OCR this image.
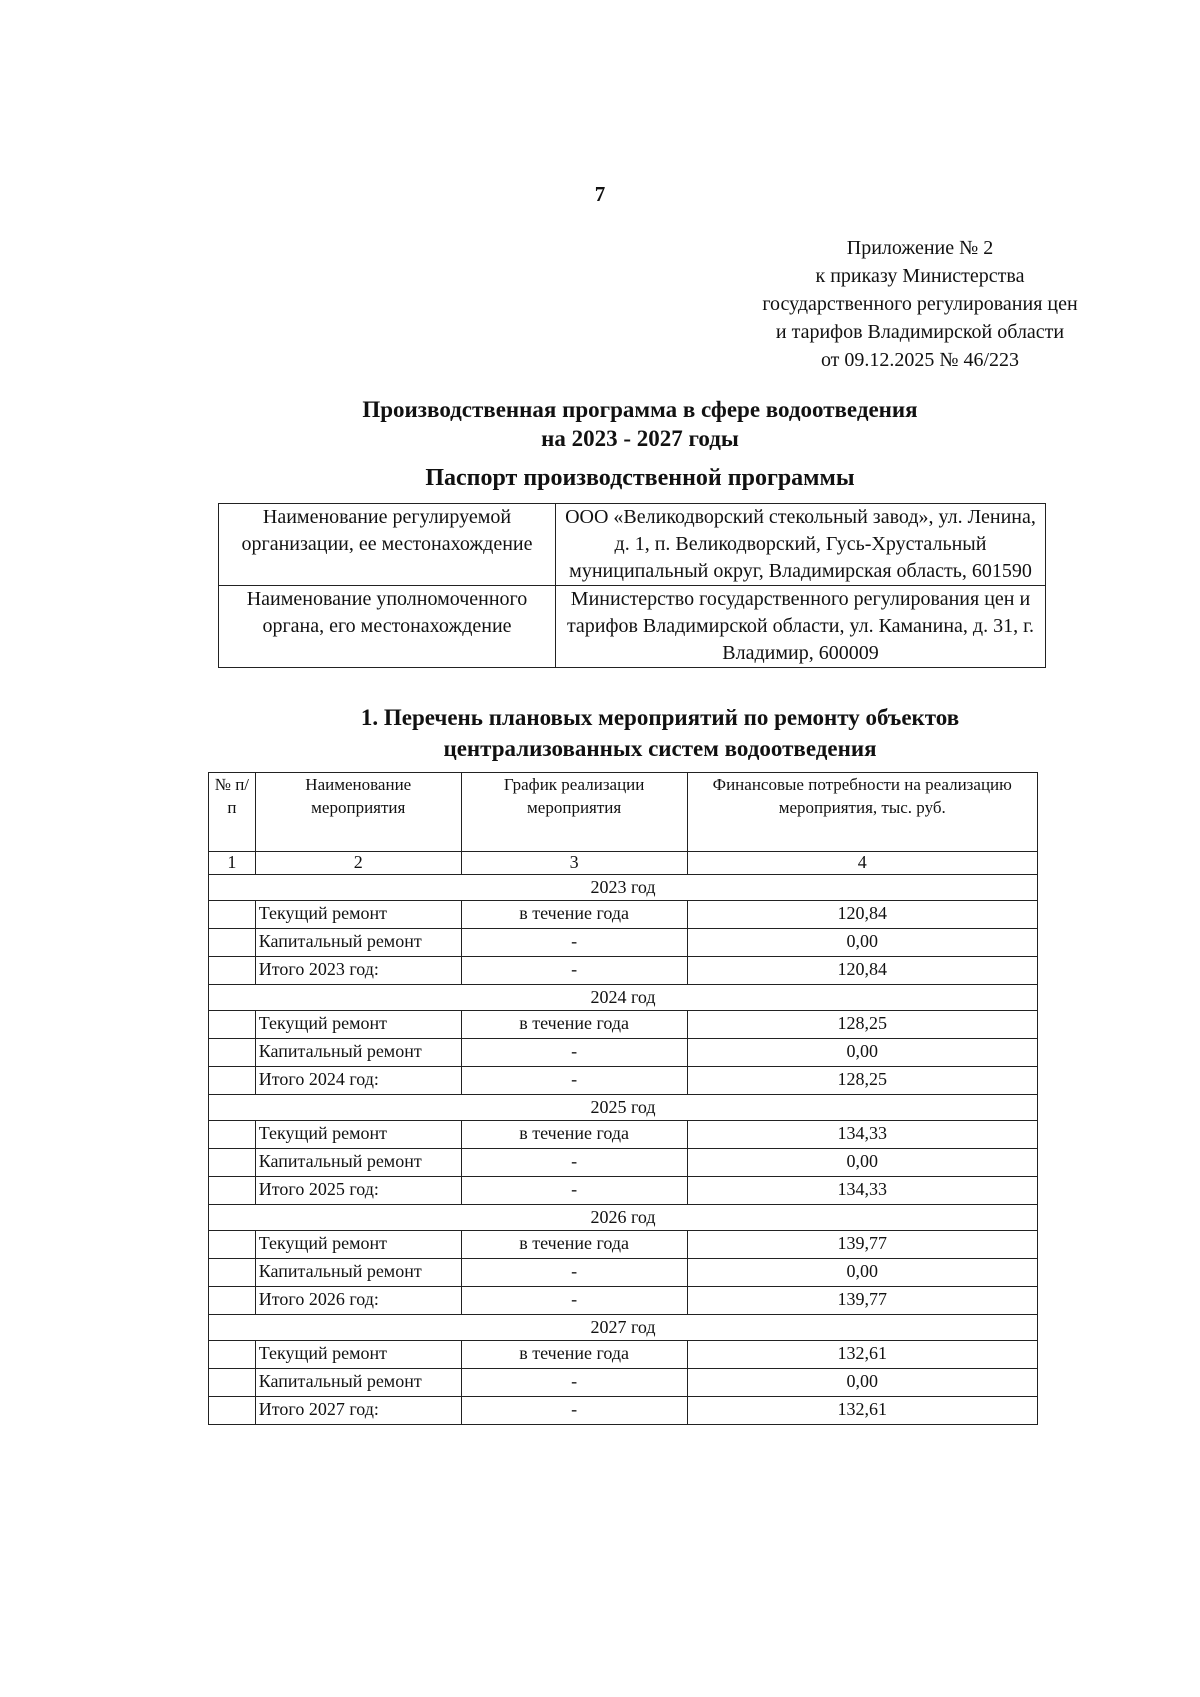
7
Приложение № 2
к приказу Министерства
государственного регулирования цен
и тарифов Владимирской области
от 09.12.2025 № 46/223
Производственная программа в сфере водоотведения
на 2023 - 2027 годы
Паспорт производственной программы
Наименование регулируемой организации, ее местонахождение	ООО «Великодворский стекольный завод», ул. Ленина, д. 1, п. Великодворский, Гусь-Хрустальный муниципальный округ, Владимирская область, 601590
Наименование уполномоченного органа, его местонахождение	Министерство государственного регулирования цен и тарифов Владимирской области, ул. Каманина, д. 31, г. Владимир, 600009
1. Перечень плановых мероприятий по ремонту объектов
централизованных систем водоотведения
№ п/п	Наименование мероприятия	График реализации мероприятия	Финансовые потребности на реализацию мероприятия, тыс. руб.
1	2	3	4
2023 год			
	Текущий ремонт	в течение года	120,84
	Капитальный ремонт	-	0,00
	Итого 2023 год:	-	120,84
2024 год			
	Текущий ремонт	в течение года	128,25
	Капитальный ремонт	-	0,00
	Итого 2024 год:	-	128,25
2025 год			
	Текущий ремонт	в течение года	134,33
	Капитальный ремонт	-	0,00
	Итого 2025 год:	-	134,33
2026 год			
	Текущий ремонт	в течение года	139,77
	Капитальный ремонт	-	0,00
	Итого 2026 год:	-	139,77
2027 год			
	Текущий ремонт	в течение года	132,61
	Капитальный ремонт	-	0,00
	Итого 2027 год:	-	132,61
